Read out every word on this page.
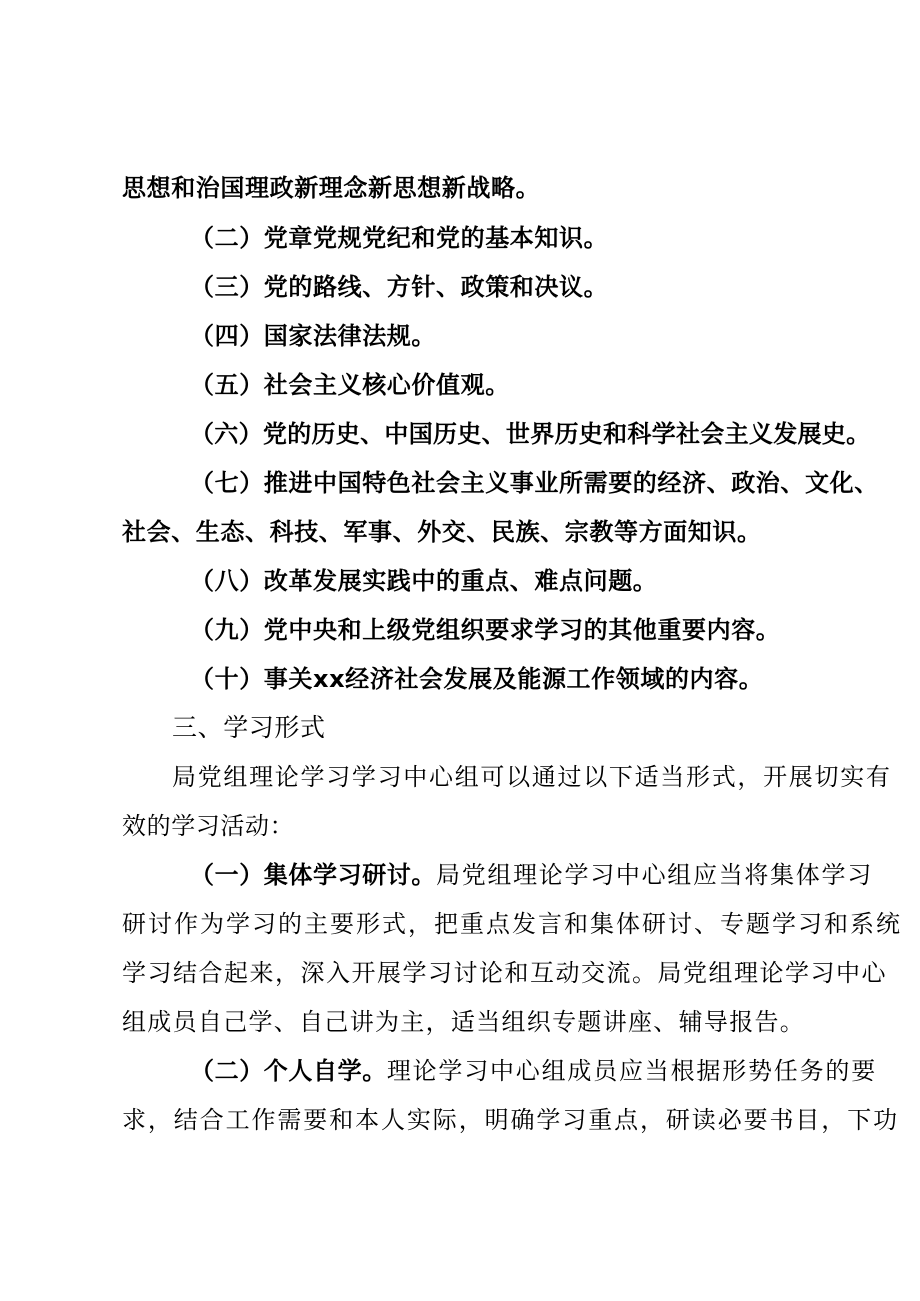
思想和治国理政新理念新思想新战略。

（二）党章党规党纪和党的基本知识。

（三）党的路线、方针、政策和决议。

（四）国家法律法规。

（五）社会主义核心价值观。

（六）党的历史、中国历史、世界历史和科学社会主义发展史。

（七）推进中国特色社会主义事业所需要的经济、政治、文化、

社会、生态、科技、军事、外交、民族、宗教等方面知识。

（八）改革发展实践中的重点、难点问题。

（九）党中央和上级党组织要求学习的其他重要内容。

（十）事关xx经济社会发展及能源工作领域的内容。

三、学习形式

局党组理论学习学习中心组可以通过以下适当形式，开展切实有

效的学习活动：

（一）集体学习研讨。局党组理论学习中心组应当将集体学习

研讨作为学习的主要形式，把重点发言和集体研讨、专题学习和系统

学习结合起来，深入开展学习讨论和互动交流。局党组理论学习中心

组成员自己学、自己讲为主，适当组织专题讲座、辅导报告。

（二）个人自学。理论学习中心组成员应当根据形势任务的要

求，结合工作需要和本人实际，明确学习重点，研读必要书目，下功
